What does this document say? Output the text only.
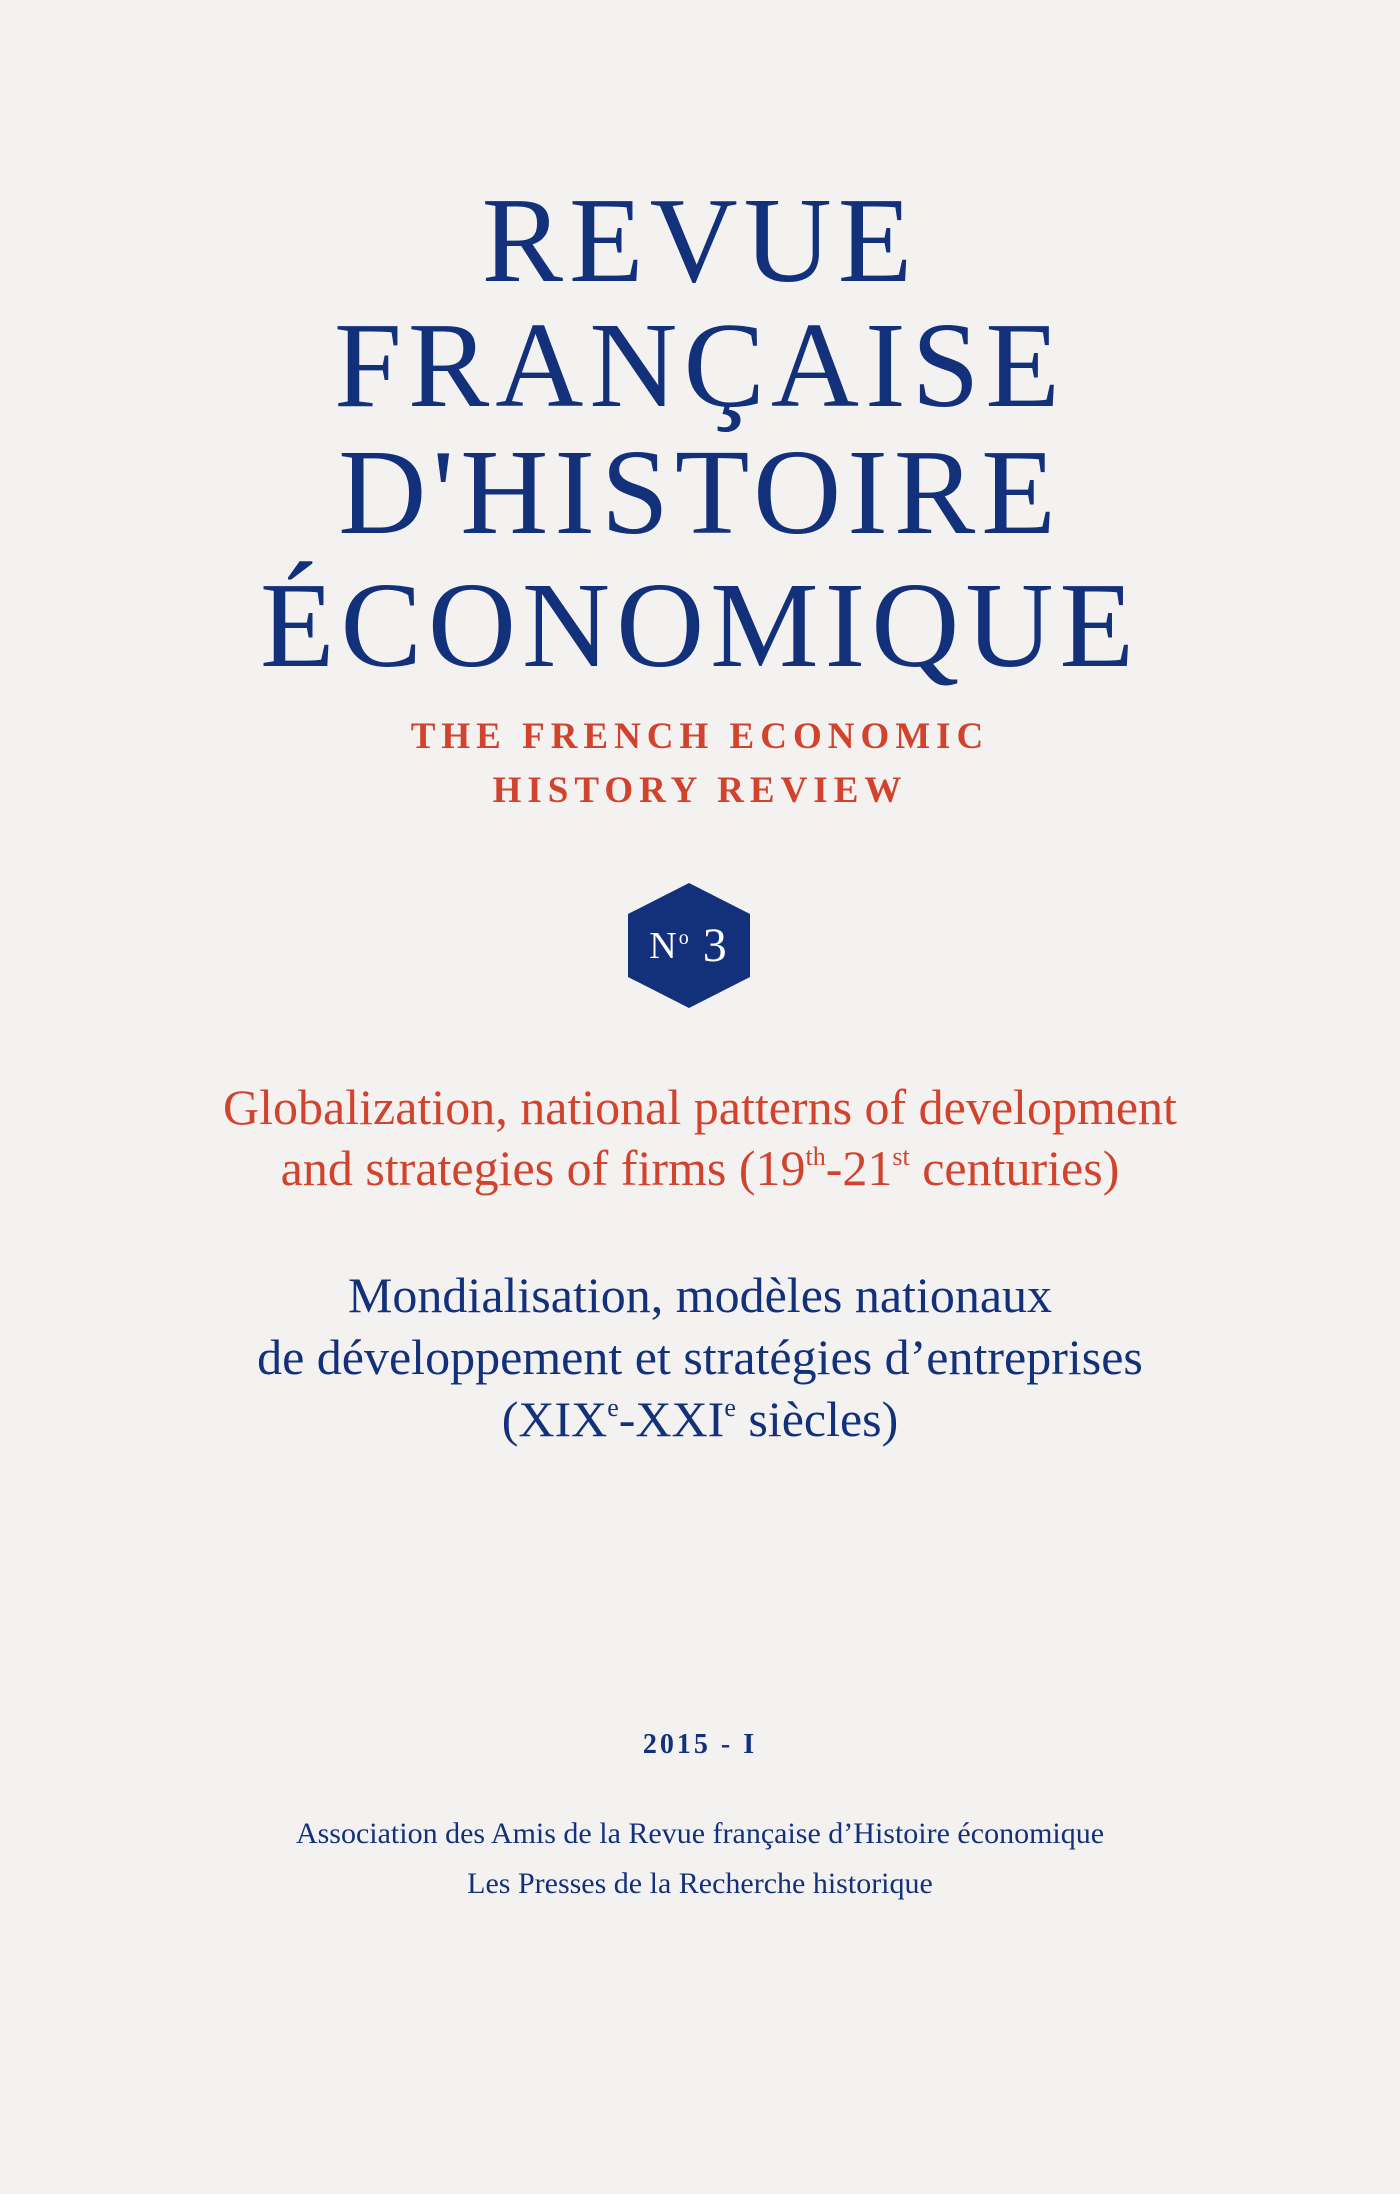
REVUE
FRANÇAISE
D'HISTOIRE
ÉCONOMIQUE
THE FRENCH ECONOMIC
HISTORY REVIEW
$N^o$ 3
Globalization, national patterns of development
and strategies of firms (19th-21st centuries)
Mondialisation, modèles nationaux
de développement et stratégies d’entreprises
(XIXe-XXIe siècles)
2015 - I
Association des Amis de la Revue française d’Histoire économique
Les Presses de la Recherche historique
